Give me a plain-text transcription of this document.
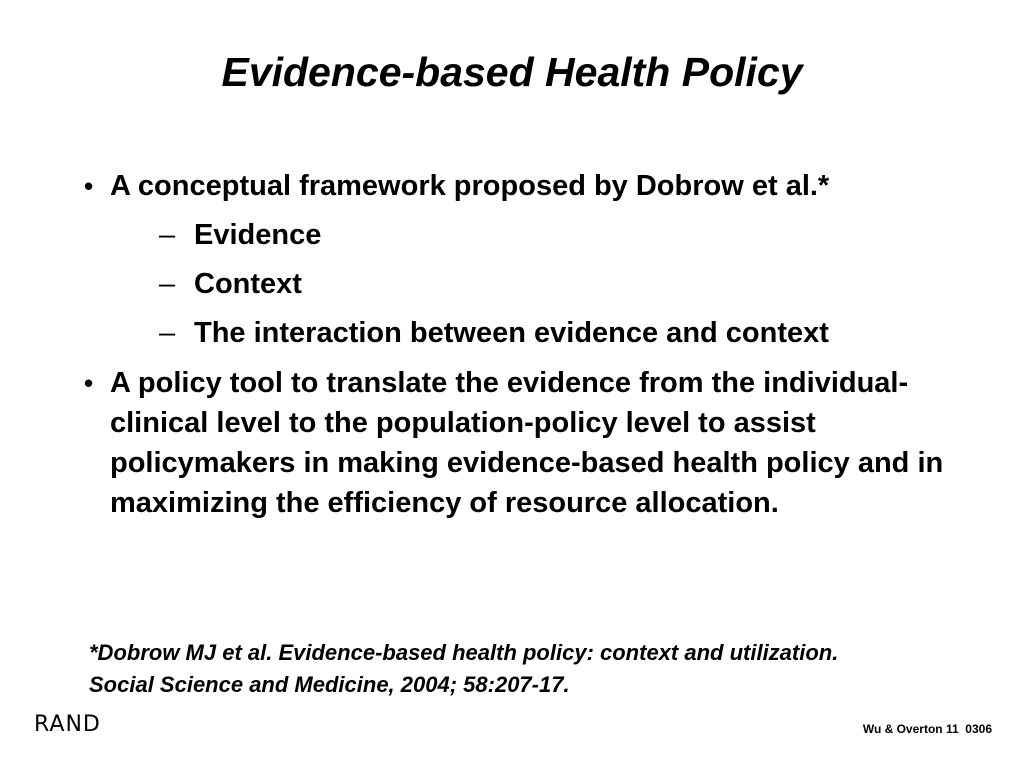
Evidence-based Health Policy
• A conceptual framework proposed by Dobrow et al.*
– Evidence
– Context
– The interaction between evidence and context
• A policy tool to translate the evidence from the individual-clinical level to the population-policy level to assist policymakers in making evidence-based health policy and in maximizing the efficiency of resource allocation.
*Dobrow MJ et al. Evidence-based health policy: context and utilization.
Social Science and Medicine, 2004; 58:207-17.
RAND	Wu & Overton 11  0306
